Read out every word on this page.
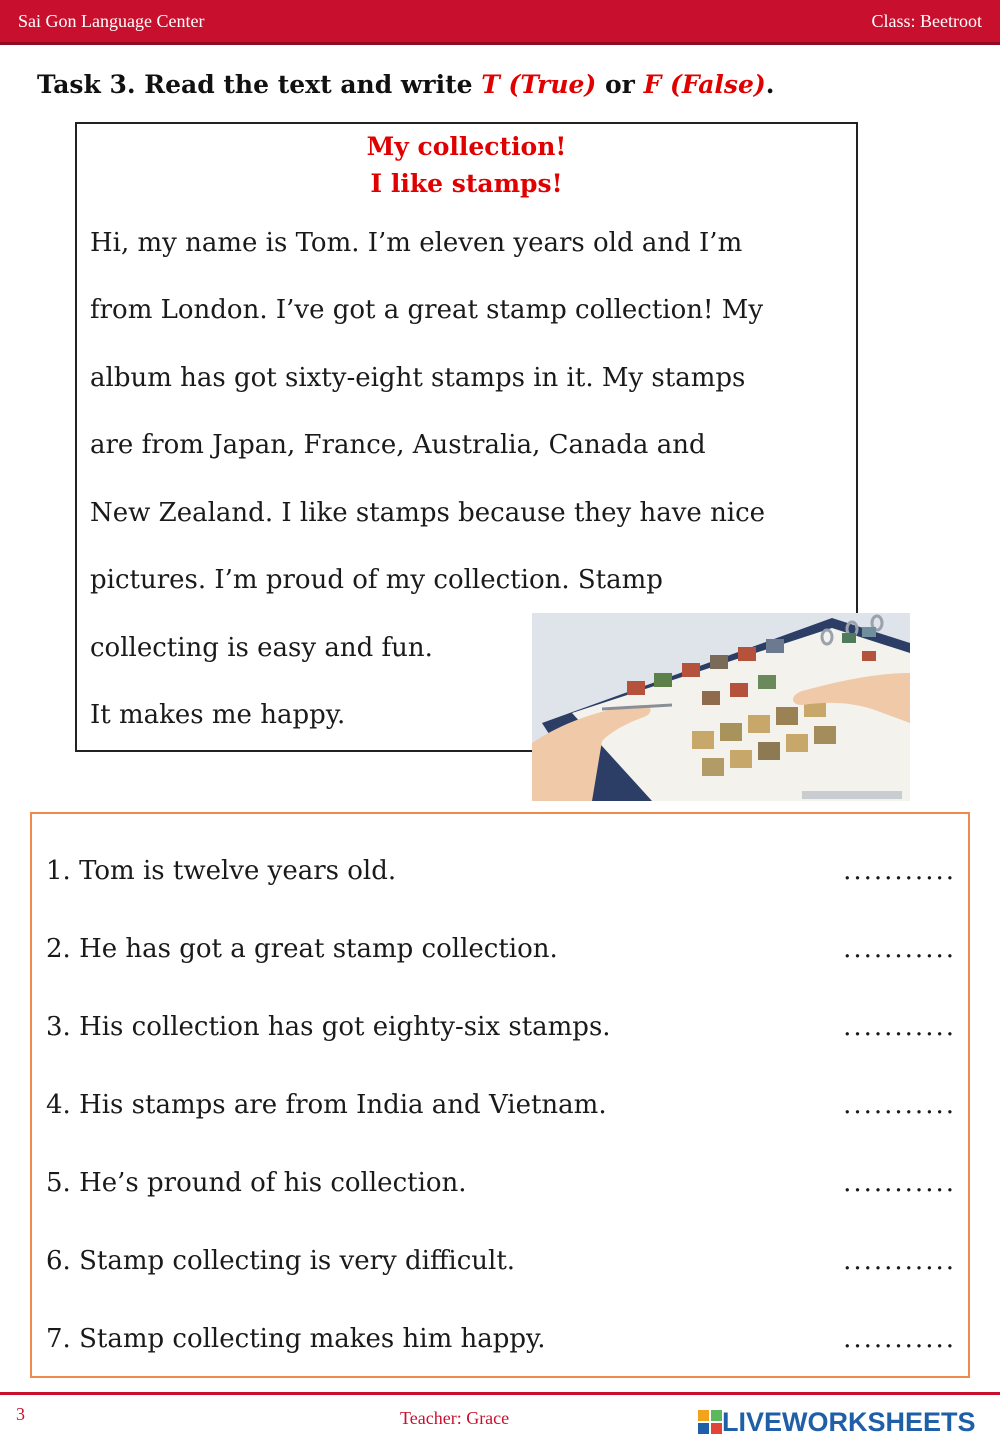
Sai Gon Language Center	Class: Beetroot
Task 3. Read the text and write T (True) or F (False).
My collection!
I like stamps!
Hi, my name is Tom. I’m eleven years old and I’m
from London. I’ve got a great stamp collection! My
album has got sixty-eight stamps in it. My stamps
are from Japan, France, Australia, Canada and
New Zealand. I like stamps because they have nice
pictures. I’m proud of my collection. Stamp
collecting is easy and fun.
It makes me happy.
1. Tom is twelve years old.	...........
2. He has got a great stamp collection.	...........
3. His collection has got eighty-six stamps.	...........
4. His stamps are from India and Vietnam.	...........
5. He’s pround of his collection.	...........
6. Stamp collecting is very difficult.	...........
7. Stamp collecting makes him happy.	...........
3	Teacher: Grace	LIVEWORKSHEETS
